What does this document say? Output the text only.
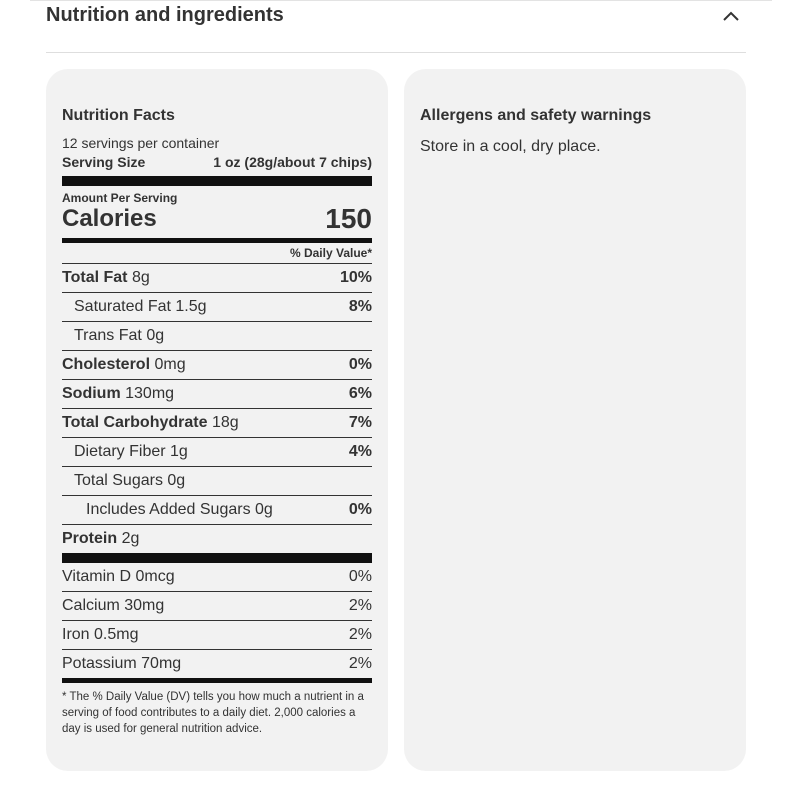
Nutrition and ingredients
Nutrition Facts
12 servings per container
Serving Size	1 oz (28g/about 7 chips)
Amount Per Serving
Calories	150
% Daily Value*
Total Fat 8g	10%
Saturated Fat 1.5g	8%
Trans Fat 0g
Cholesterol 0mg	0%
Sodium 130mg	6%
Total Carbohydrate 18g	7%
Dietary Fiber 1g	4%
Total Sugars 0g
Includes Added Sugars 0g	0%
Protein 2g
Vitamin D 0mcg	0%
Calcium 30mg	2%
Iron 0.5mg	2%
Potassium 70mg	2%
* The % Daily Value (DV) tells you how much a nutrient in a serving of food contributes to a daily diet. 2,000 calories a day is used for general nutrition advice.
Allergens and safety warnings
Store in a cool, dry place.
